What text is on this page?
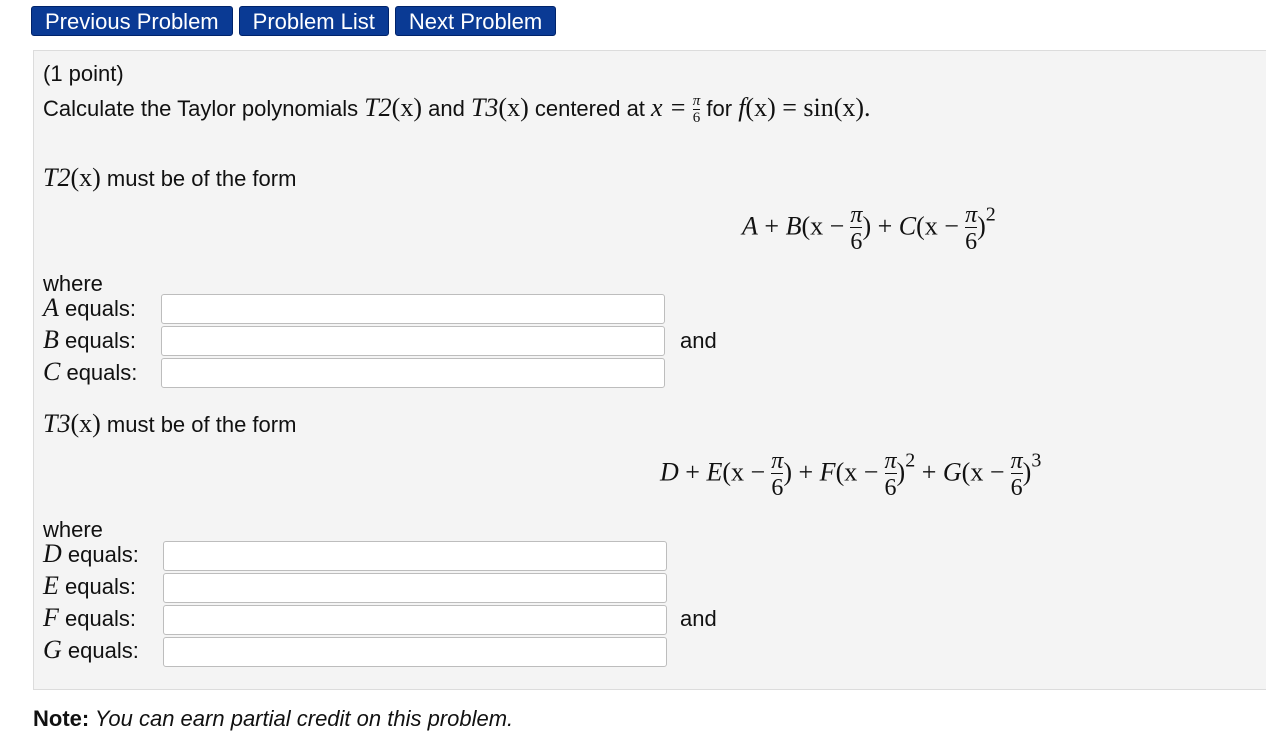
Previous Problem	Problem List	Next Problem
(1 point)
Calculate the Taylor polynomials T2(x) and T3(x) centered at $x = \frac{\pi}{6}$ for f(x) = sin(x).
T2(x) must be of the form
$A + B(x - \frac{\pi}{6}$ ) + $C(x - \frac{\pi}{6} )^2$
where
A equals:
B equals:	and
C equals:
T3(x) must be of the form
$D + E(x - \frac{\pi}{6}$ ) + $F(x - \frac{\pi}{6} )^2 + G(x - \frac{\pi}{6} )^3$
where
D equals:
E equals:
F equals:	and
G equals:
Note: You can earn partial credit on this problem.
